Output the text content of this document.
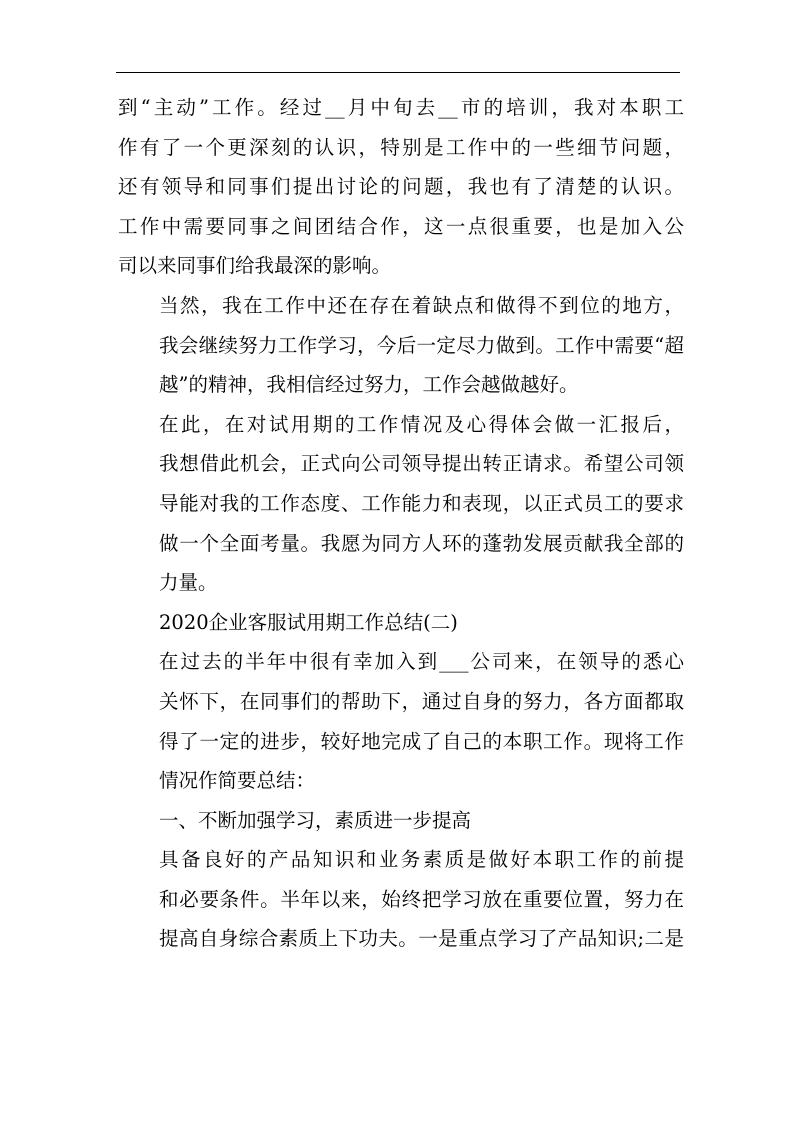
到“主动”工作。经过__月中旬去__市的培训，我对本职工
作有了一个更深刻的认识，特别是工作中的一些细节问题，
还有领导和同事们提出讨论的问题，我也有了清楚的认识。
工作中需要同事之间团结合作，这一点很重要，也是加入公
司以来同事们给我最深的影响。
当然，我在工作中还在存在着缺点和做得不到位的地方，
我会继续努力工作学习，今后一定尽力做到。工作中需要“超
越”的精神，我相信经过努力，工作会越做越好。
在此，在对试用期的工作情况及心得体会做一汇报后，
我想借此机会，正式向公司领导提出转正请求。希望公司领
导能对我的工作态度、工作能力和表现，以正式员工的要求
做一个全面考量。我愿为同方人环的蓬勃发展贡献我全部的
力量。
2020企业客服试用期工作总结(二)
在过去的半年中很有幸加入到___公司来，在领导的悉心
关怀下，在同事们的帮助下，通过自身的努力，各方面都取
得了一定的进步，较好地完成了自己的本职工作。现将工作
情况作简要总结：
一、不断加强学习，素质进一步提高
具备良好的产品知识和业务素质是做好本职工作的前提
和必要条件。半年以来，始终把学习放在重要位置，努力在
提高自身综合素质上下功夫。一是重点学习了产品知识;二是
